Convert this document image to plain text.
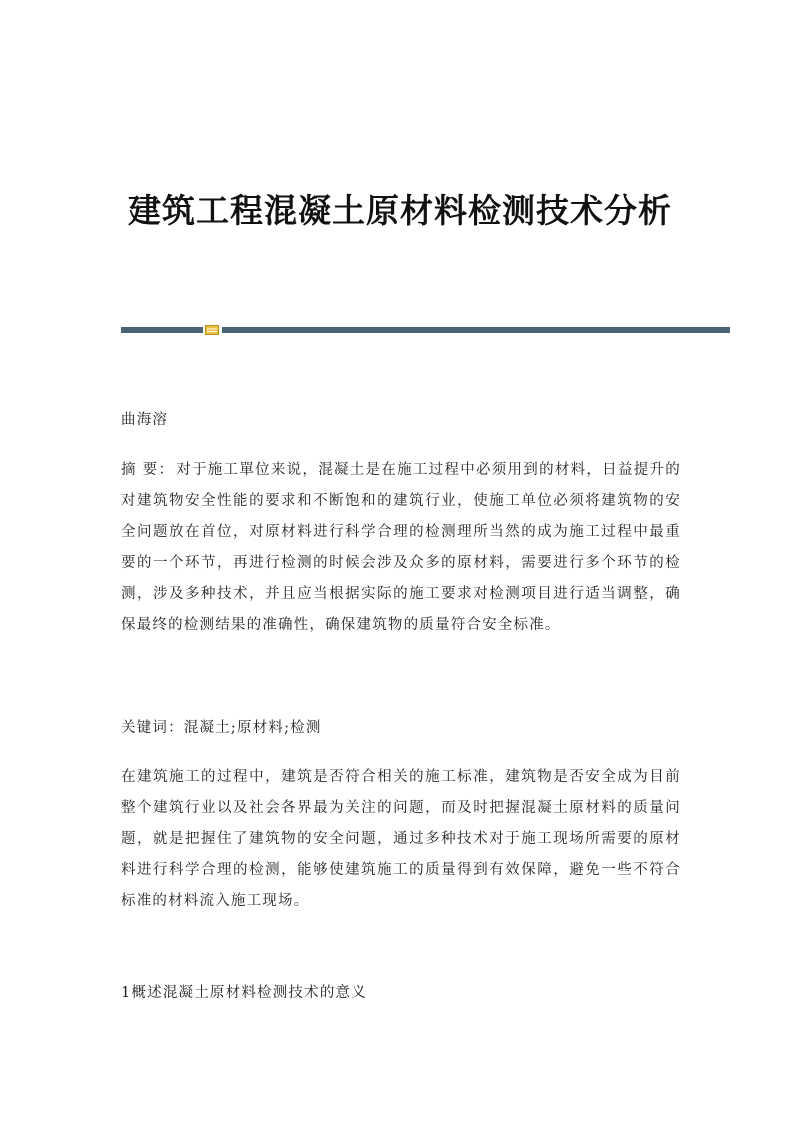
建筑工程混凝土原材料检测技术分析
曲海溶
摘 要： 对于施工單位来说，混凝土是在施工过程中必须用到的材料，日益提升的对建筑物安全性能的要求和不断饱和的建筑行业，使施工单位必须将建筑物的安全问题放在首位，对原材料进行科学合理的检测理所当然的成为施工过程中最重要的一个环节，再进行检测的时候会涉及众多的原材料，需要进行多个环节的检测，涉及多种技术，并且应当根据实际的施工要求对检测项目进行适当调整，确保最终的检测结果的准确性，确保建筑物的质量符合安全标准。
关键词：混凝土;原材料;检测
在建筑施工的过程中，建筑是否符合相关的施工标准，建筑物是否安全成为目前整个建筑行业以及社会各界最为关注的问题，而及时把握混凝土原材料的质量问题，就是把握住了建筑物的安全问题，通过多种技术对于施工现场所需要的原材料进行科学合理的检测，能够使建筑施工的质量得到有效保障，避免一些不符合标准的材料流入施工现场。
1概述混凝土原材料检测技术的意义
